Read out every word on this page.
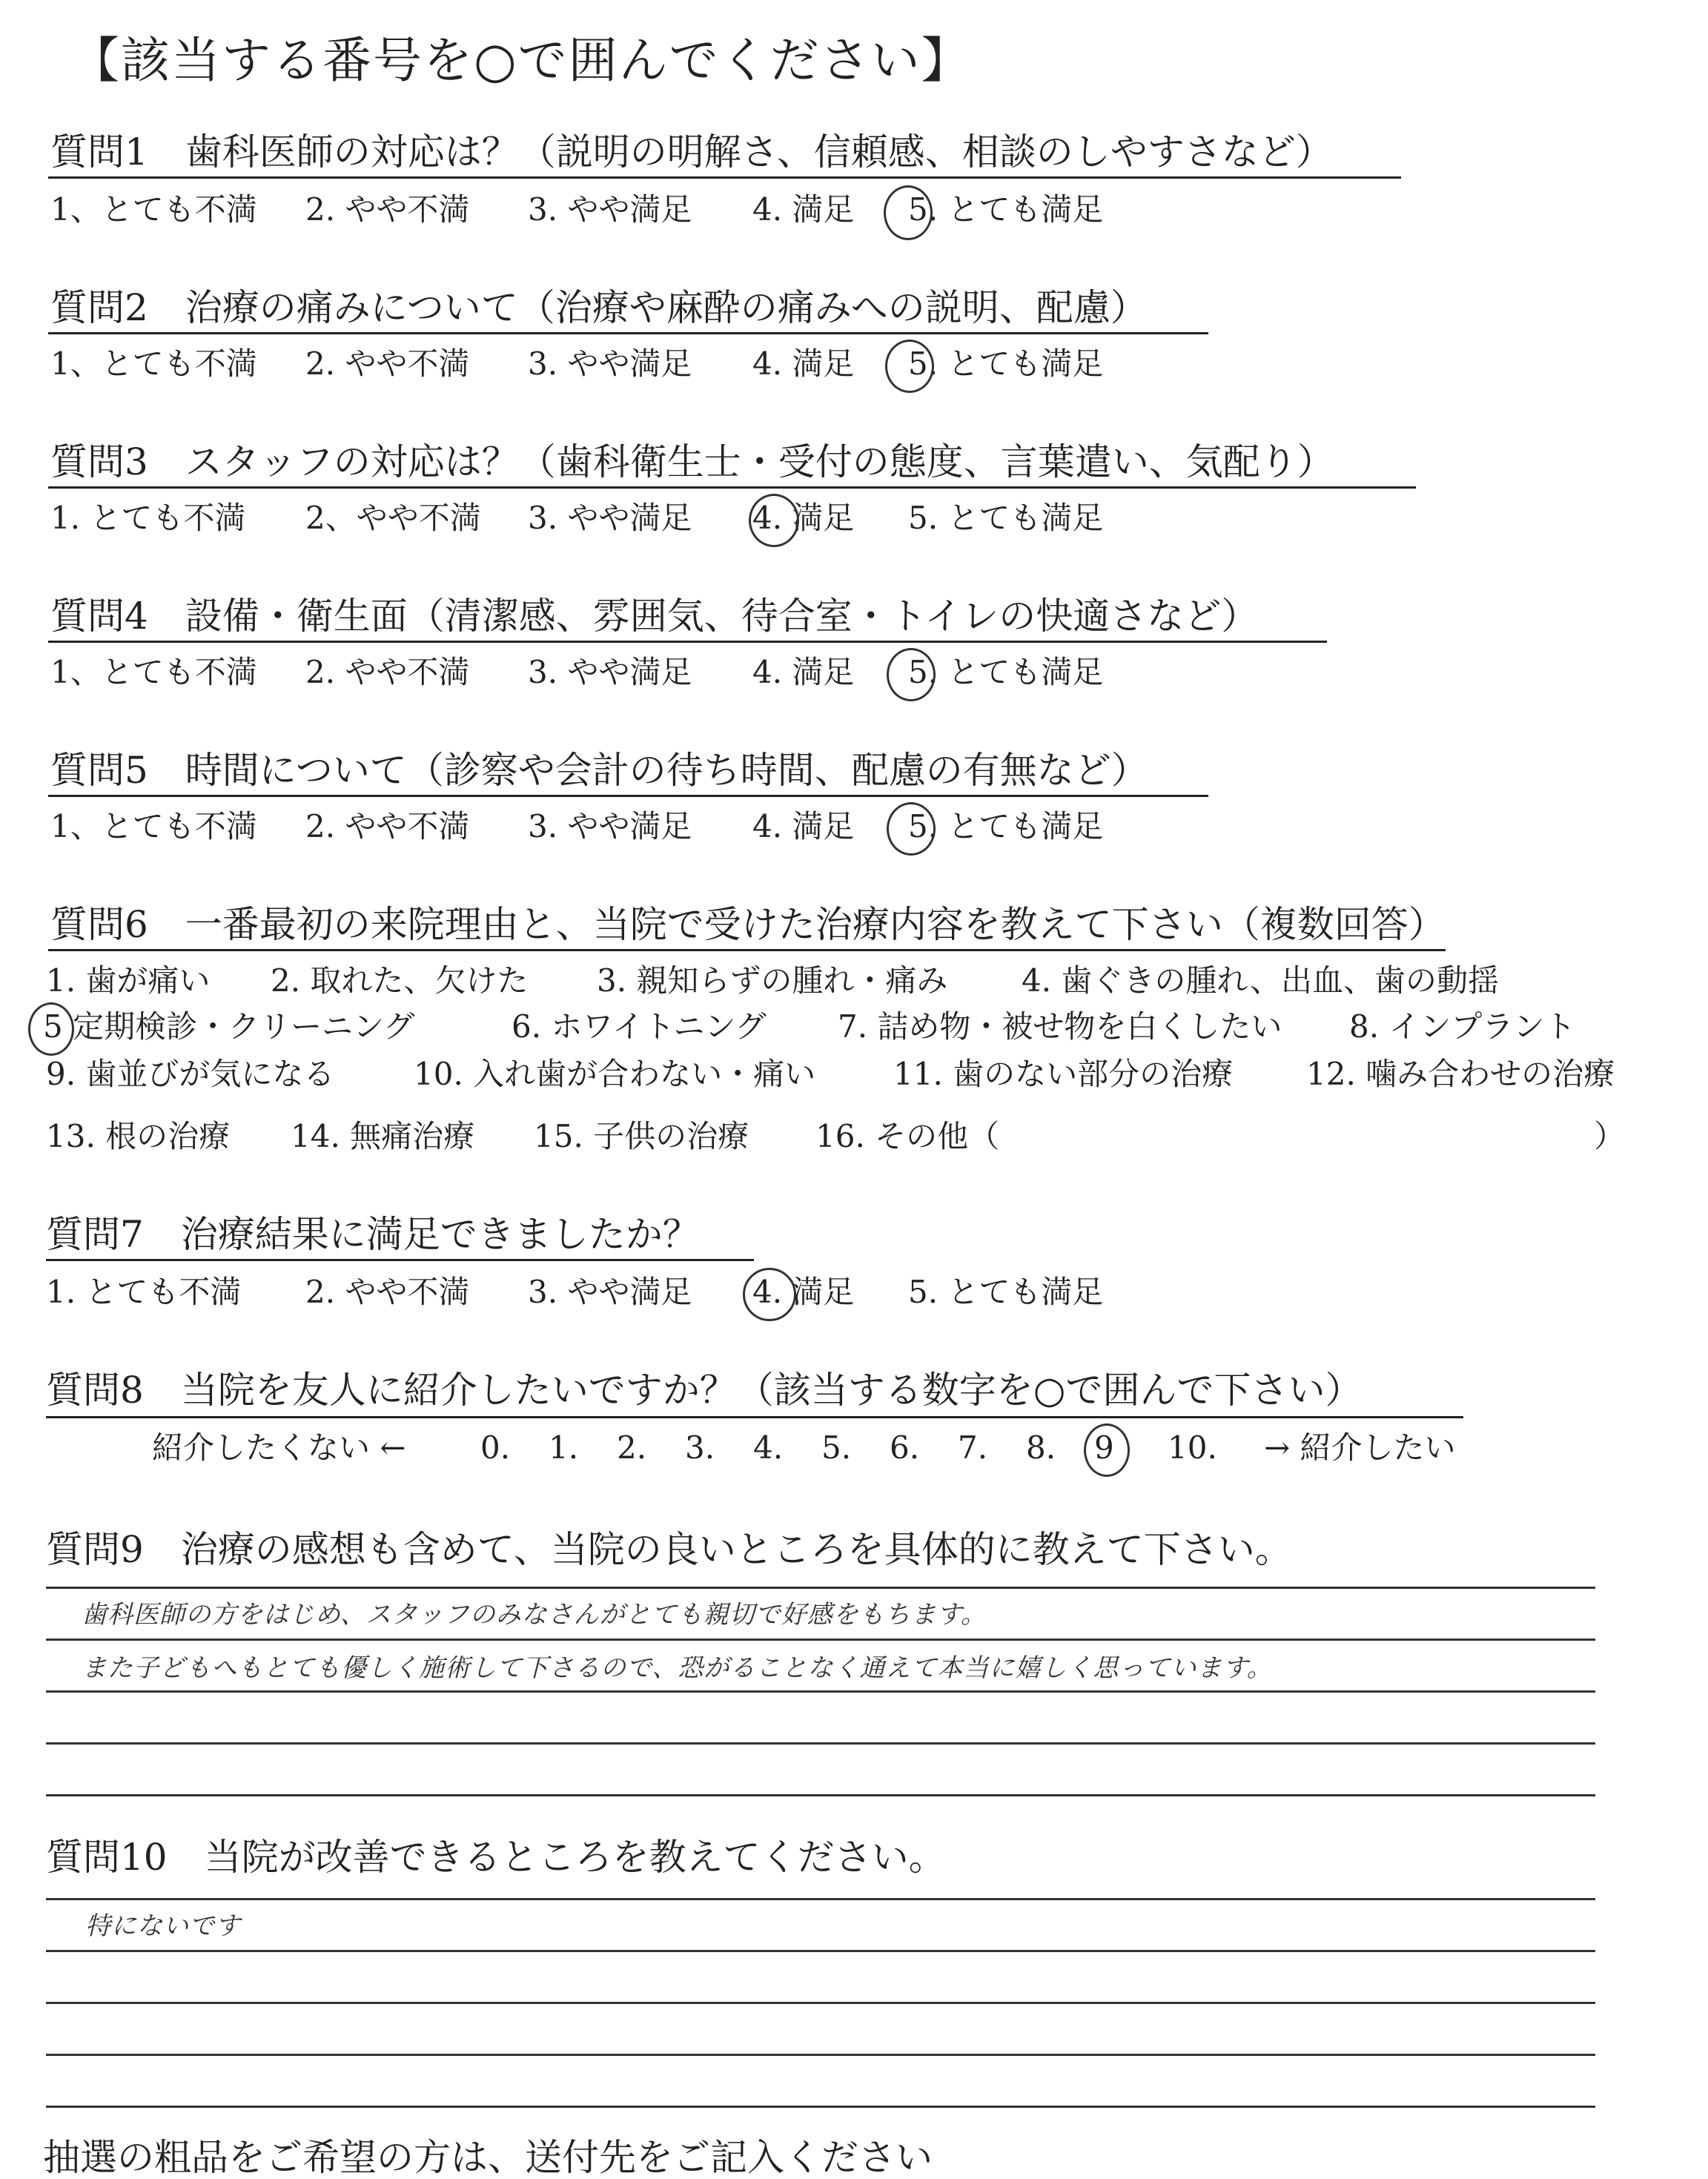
【該当する番号を○で囲んでください】
質問1　歯科医師の対応は？（説明の明解さ、信頼感、相談のしやすさなど）
1、とても不満 2. やや不満 3. やや満足 4. 満足 5. とても満足
質問2　治療の痛みについて（治療や麻酔の痛みへの説明、配慮）
1、とても不満 2. やや不満 3. やや満足 4. 満足 5. とても満足
質問3　スタッフの対応は？（歯科衛生士・受付の態度、言葉遣い、気配り）
1. とても不満 2、やや不満 3. やや満足 4. 満足 5. とても満足
質問4　設備・衛生面（清潔感、雰囲気、待合室・トイレの快適さなど）
1、とても不満 2. やや不満 3. やや満足 4. 満足 5. とても満足
質問5　時間について（診察や会計の待ち時間、配慮の有無など）
1、とても不満 2. やや不満 3. やや満足 4. 満足 5. とても満足
質問6　一番最初の来院理由と、当院で受けた治療内容を教えて下さい（複数回答）
1. 歯が痛い 2. 取れた、欠けた 3. 親知らずの腫れ・痛み 4. 歯ぐきの腫れ、出血、歯の動揺
5 定期検診・クリーニング	6. ホワイトニング 7. 詰め物・被せ物を白くしたい 8. インプラント
9. 歯並びが気になる	10. 入れ歯が合わない・痛い 11. 歯のない部分の治療 12. 噛み合わせの治療
13. 根の治療 14. 無痛治療 15. 子供の治療 16. その他（	）
質問7　治療結果に満足できましたか？
1. とても不満 2. やや不満 3. やや満足 4. 満足 5. とても満足
質問8　当院を友人に紹介したいですか？（該当する数字を○で囲んで下さい）
紹介したくない ← 0. 1. 2. 3. 4. 5. 6. 7. 8. 9 10. → 紹介したい
質問9　治療の感想も含めて、当院の良いところを具体的に教えて下さい。
歯科医師の方をはじめ、スタッフのみなさんがとても親切で好感をもちます。
また子どもへもとても優しく施術して下さるので、恐がることなく通えて本当に嬉しく思っています。
質問10　当院が改善できるところを教えてください。
特にないです
抽選の粗品をご希望の方は、送付先をご記入ください
